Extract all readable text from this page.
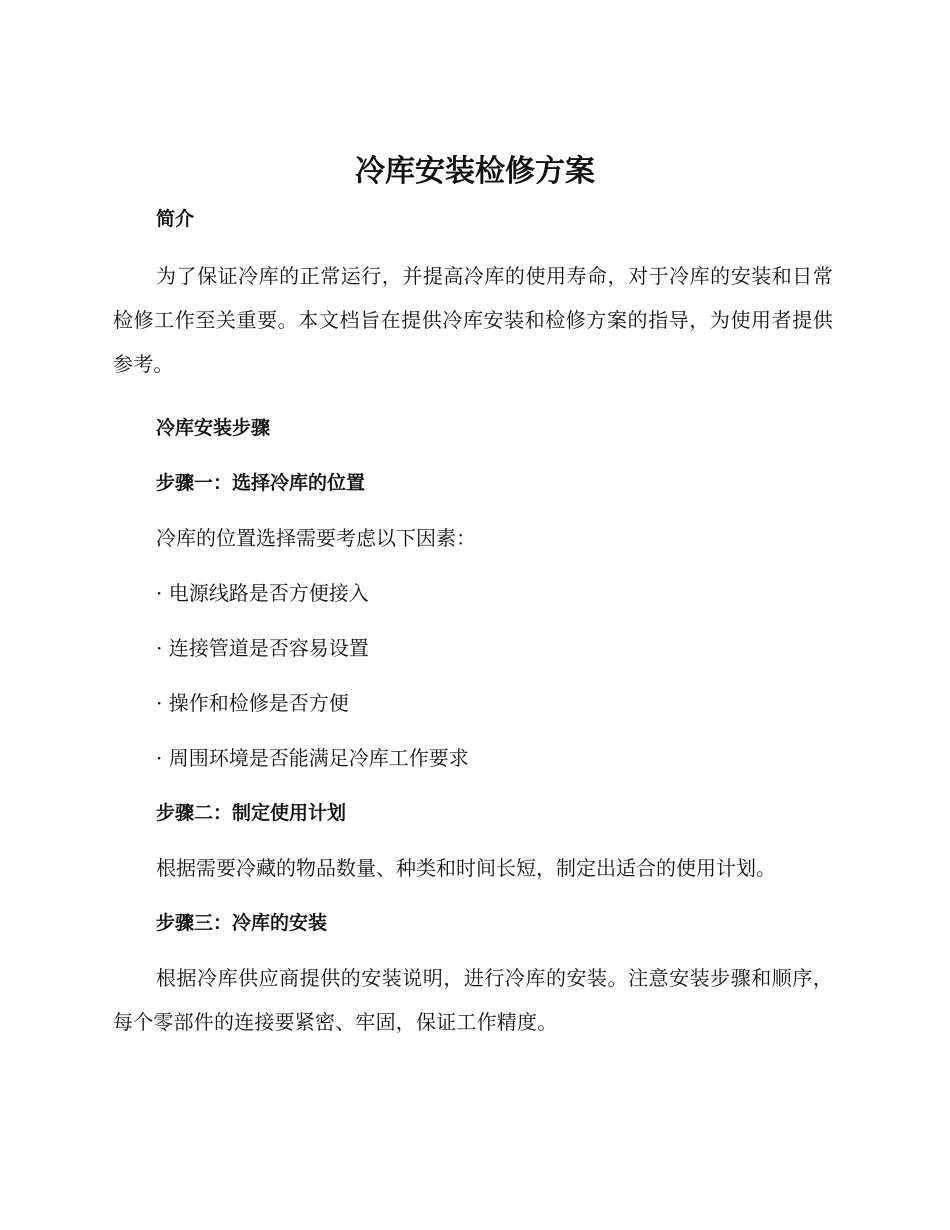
冷库安装检修方案
简介

为了保证冷库的正常运行，并提高冷库的使用寿命，对于冷库的安装和日常检修工作至关重要。本文档旨在提供冷库安装和检修方案的指导，为使用者提供参考。

冷库安装步骤
步骤一：选择冷库的位置
冷库的位置选择需要考虑以下因素：
· 电源线路是否方便接入
· 连接管道是否容易设置
· 操作和检修是否方便
· 周围环境是否能满足冷库工作要求
步骤二：制定使用计划
根据需要冷藏的物品数量、种类和时间长短，制定出适合的使用计划。
步骤三：冷库的安装

根据冷库供应商提供的安装说明，进行冷库的安装。注意安装步骤和顺序，每个零部件的连接要紧密、牢固，保证工作精度。
